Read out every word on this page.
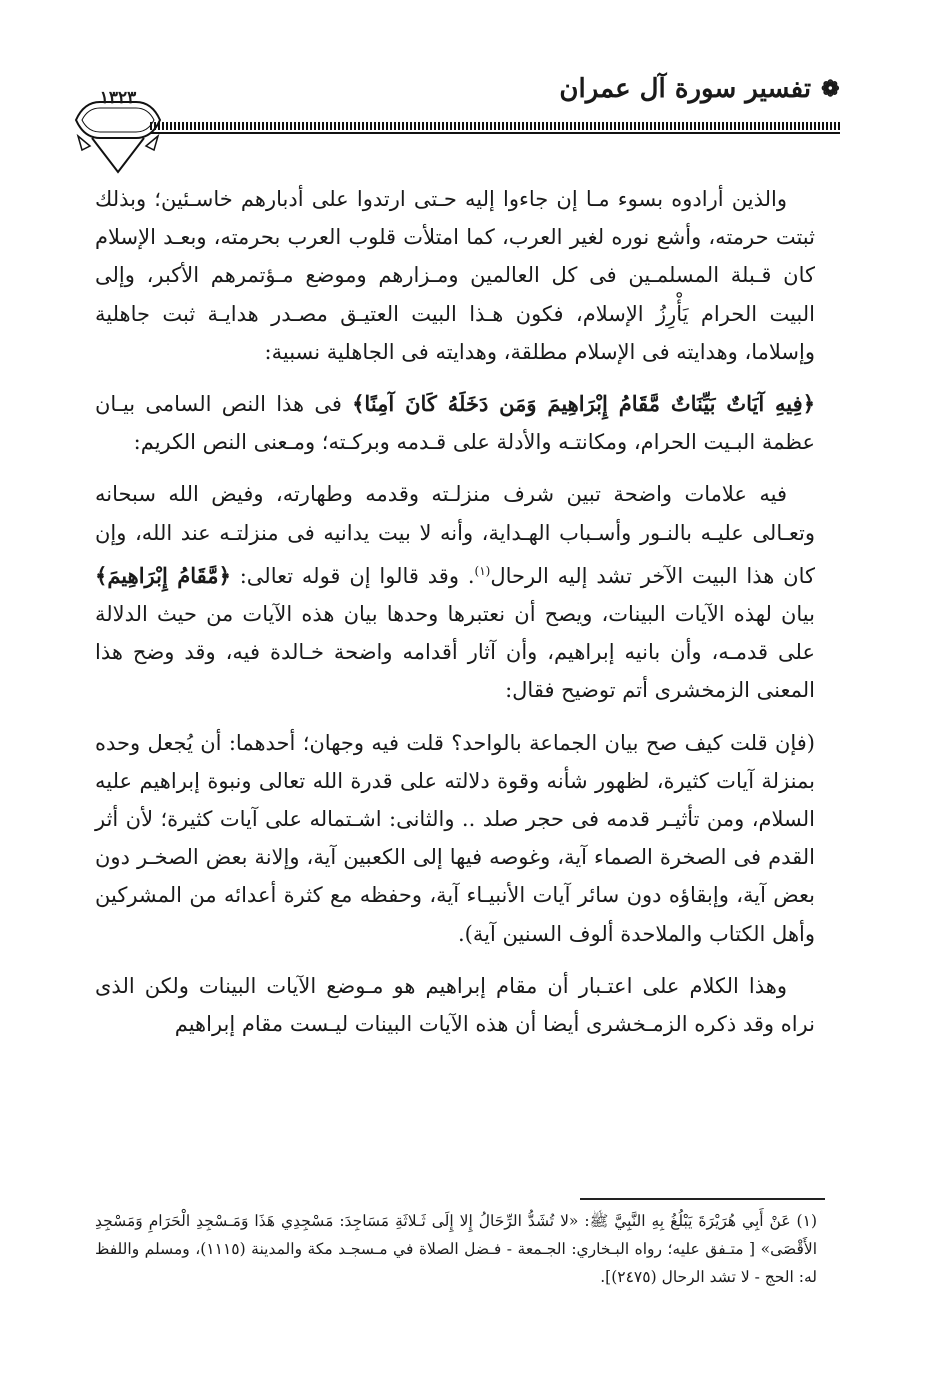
❁
تفسير سورة آل عمران
١٣٢٣

والذين أرادوه بسوء مـا إن جاءوا إليه حـتى ارتدوا على أدبارهم خاسـئين؛ وبذلك ثبتت حرمته، وأشع نوره لغير العرب، كما امتلأت قلوب العرب بحرمته، وبعـد الإسلام كان قـبلة المسلمـين فى كل العالمين ومـزارهم وموضع مـؤتمرهم الأكبر، وإلى البيت الحرام يَأْرِزُ الإسلام، فكون هـذا البيت العتيـق مصـدر هدايـة ثبت جاهلية وإسلاما، وهدايته فى الإسلام مطلقة، وهدايته فى الجاهلية نسبية:

﴿فِيهِ آيَاتٌ بَيِّنَاتٌ مَّقَامُ إِبْرَاهِيمَ وَمَن دَخَلَهُ كَانَ آمِنًا﴾ فى هذا النص السامى بيـان عظمة البـيت الحرام، ومكانتـه والأدلة على قـدمه وبركـته؛ ومـعنى النص الكريم:

فيه علامات واضحة تبين شرف منزلـته وقدمه وطهارته، وفيض الله سبحانه وتعـالى عليـه بالنـور وأسـباب الهـداية، وأنه لا بيت يدانيه فى منزلتـه عند الله، وإن كان هذا البيت الآخر تشد إليه الرحال$^{(١)}$. وقد قالوا إن قوله تعالى: ﴿مَّقَامُ إِبْرَاهِيمَ﴾ بيان لهذه الآيات البينات، ويصح أن نعتبرها وحدها بيان هذه الآيات من حيث الدلالة على قدمـه، وأن بانيه إبراهيم، وأن آثار أقدامه واضحة خـالدة فيه، وقد وضح هذا المعنى الزمخشرى أتم توضيح فقال:

(فإن قلت كيف صح بيان الجماعة بالواحد؟ قلت فيه وجهان؛ أحدهما: أن يُجعل وحده بمنزلة آيات كثيرة، لظهور شأنه وقوة دلالته على قدرة الله تعالى ونبوة إبراهيم عليه السلام، ومن تأثيـر قدمه فى حجر صلد .. والثانى: اشـتماله على آيات كثيرة؛ لأن أثر القدم فى الصخرة الصماء آية، وغوصه فيها إلى الكعبين آية، وإلانة بعض الصخـر دون بعض آية، وإبقاؤه دون سائر آيات الأنبيـاء آية، وحفظه مع كثرة أعدائه من المشركين وأهل الكتاب والملاحدة ألوف السنين آية).

وهذا الكلام على اعتـبار أن مقام إبراهيم هو مـوضع الآيات البينات ولكن الذى نراه وقد ذكره الزمـخشرى أيضا أن هذه الآيات البينات ليـست مقام إبراهيم

(١) عَنْ أَبِي هُرَيْرَةَ يَبْلُغُ بِهِ النَّبِيَّ ﷺ: «لا تُشَدُّ الرِّحَالُ إِلا إِلَى ثَـلاثَةِ مَسَاجِدَ: مَسْجِدِي هَذَا وَمَـسْجِدِ الْحَرَامِ وَمَسْجِدِ الأَقْصَى» [ متـفق عليه؛ رواه البـخاري: الجـمعة - فـضل الصلاة في مـسجـد مكة والمدينة (١١١٥)، ومسلم واللفظ له: الحج - لا تشد الرحال (٢٤٧٥)].
